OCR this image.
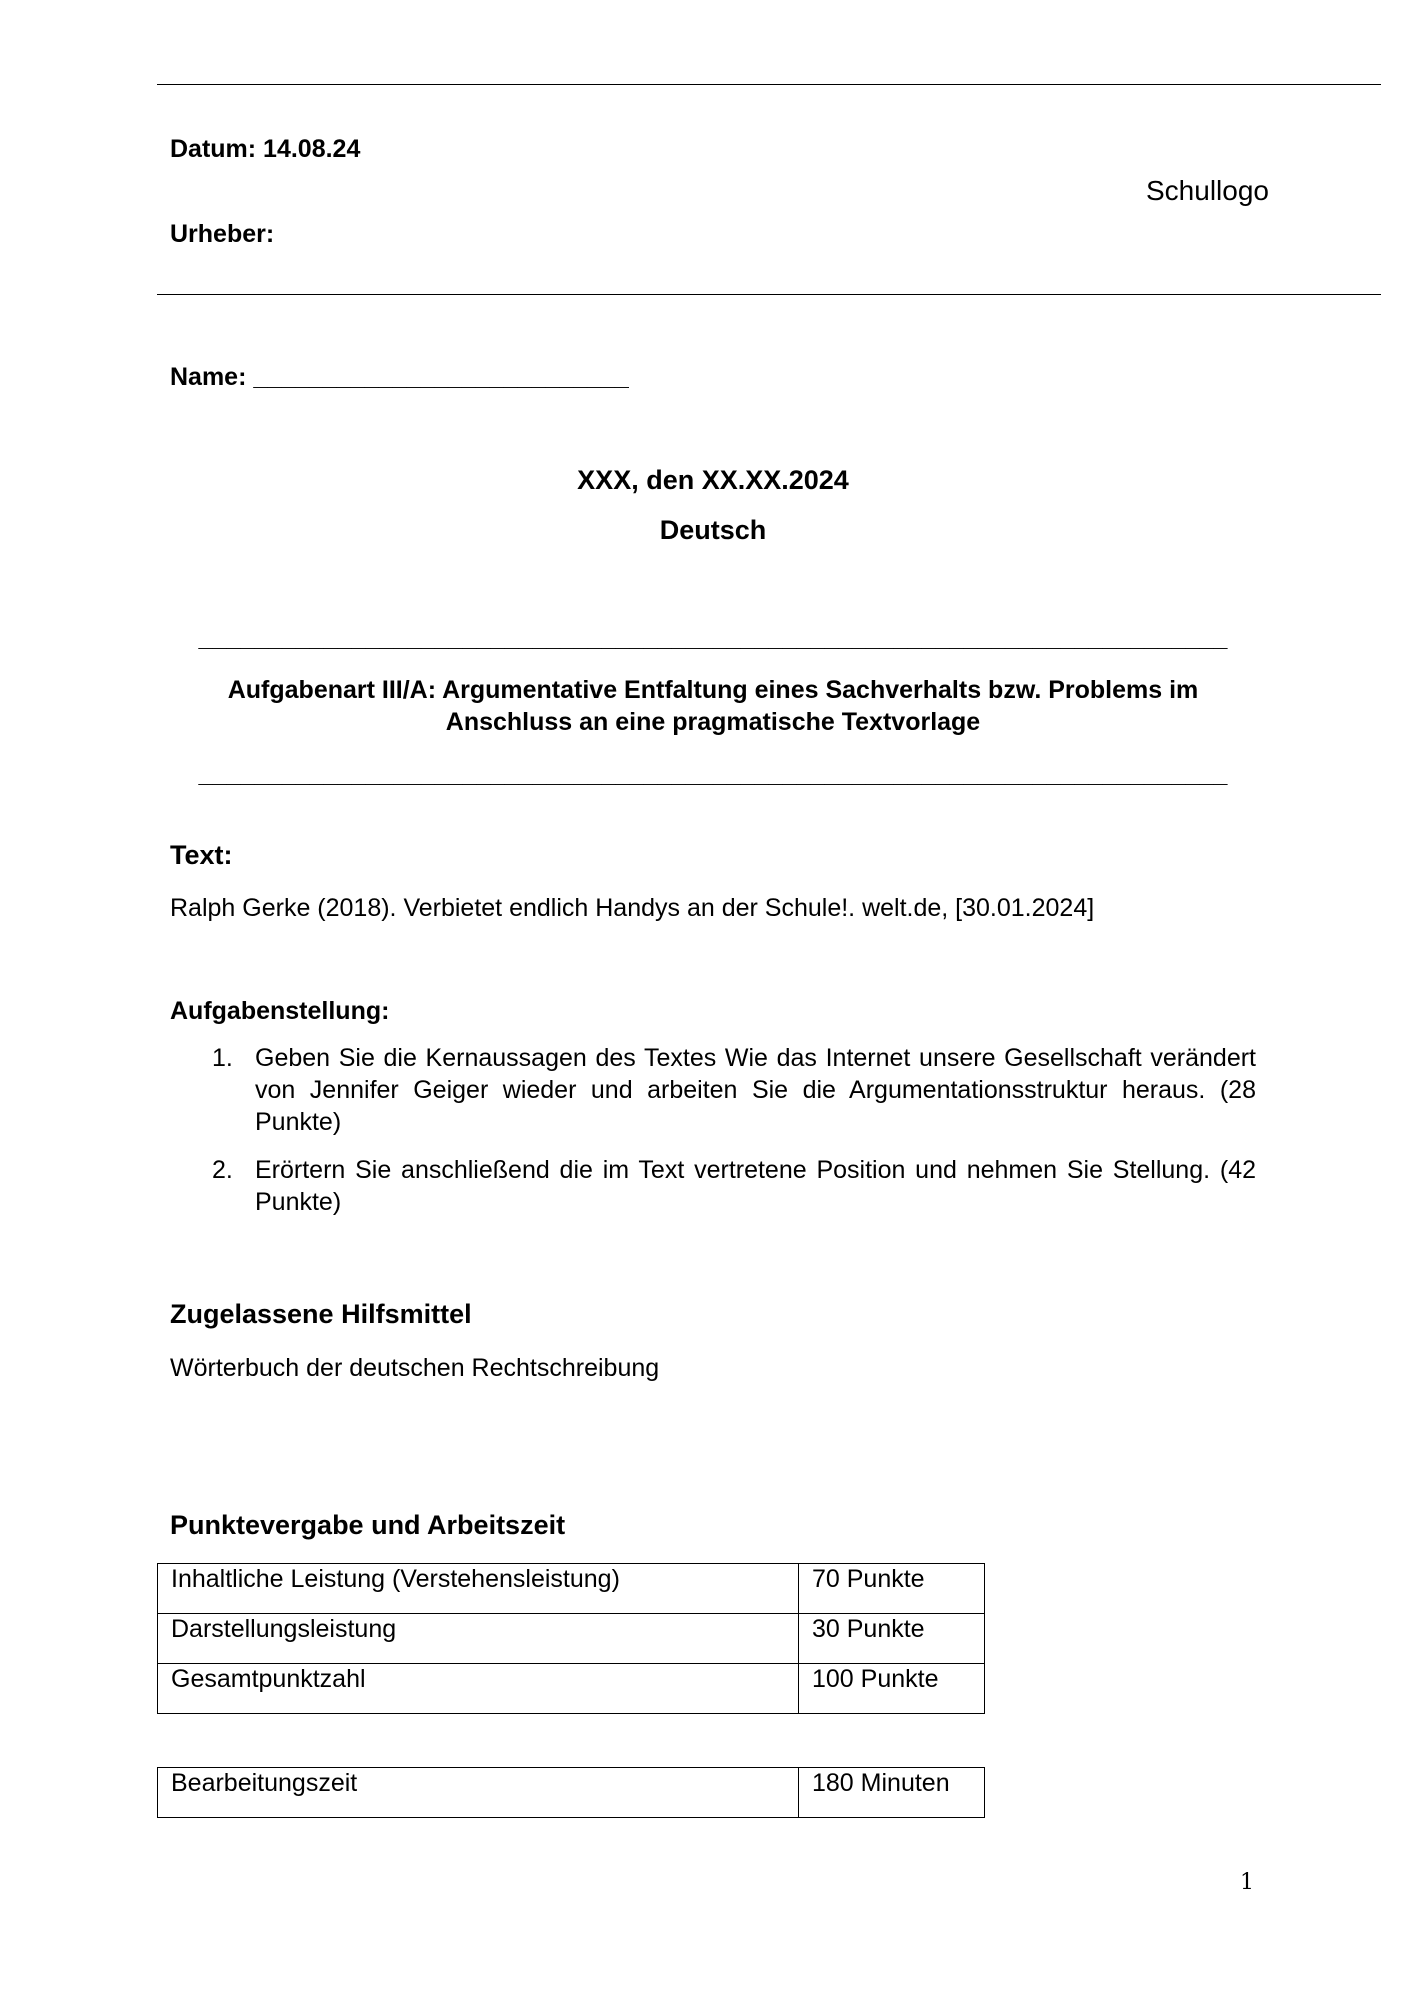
Datum: 14.08.24
Schullogo
Urheber:
Name: ___________________________
XXX, den XX.XX.2024
Deutsch
__________________________________________________________________________
Aufgabenart III/A: Argumentative Entfaltung eines Sachverhalts bzw. Problems im
Anschluss an eine pragmatische Textvorlage
__________________________________________________________________________
Text:
Ralph Gerke (2018). Verbietet endlich Handys an der Schule!. welt.de, [30.01.2024]
Aufgabenstellung:
1. Geben Sie die Kernaussagen des Textes Wie das Internet unsere Gesellschaft verändert von Jennifer Geiger wieder und arbeiten Sie die Argumentationsstruktur heraus. (28 Punkte)
2. Erörtern Sie anschließend die im Text vertretene Position und nehmen Sie Stellung. (42 Punkte)
Zugelassene Hilfsmittel
Wörterbuch der deutschen Rechtschreibung
Punktevergabe und Arbeitszeit
Inhaltliche Leistung (Verstehensleistung)	70 Punkte
Darstellungsleistung	30 Punkte
Gesamtpunktzahl	100 Punkte
Bearbeitungszeit	180 Minuten
1
